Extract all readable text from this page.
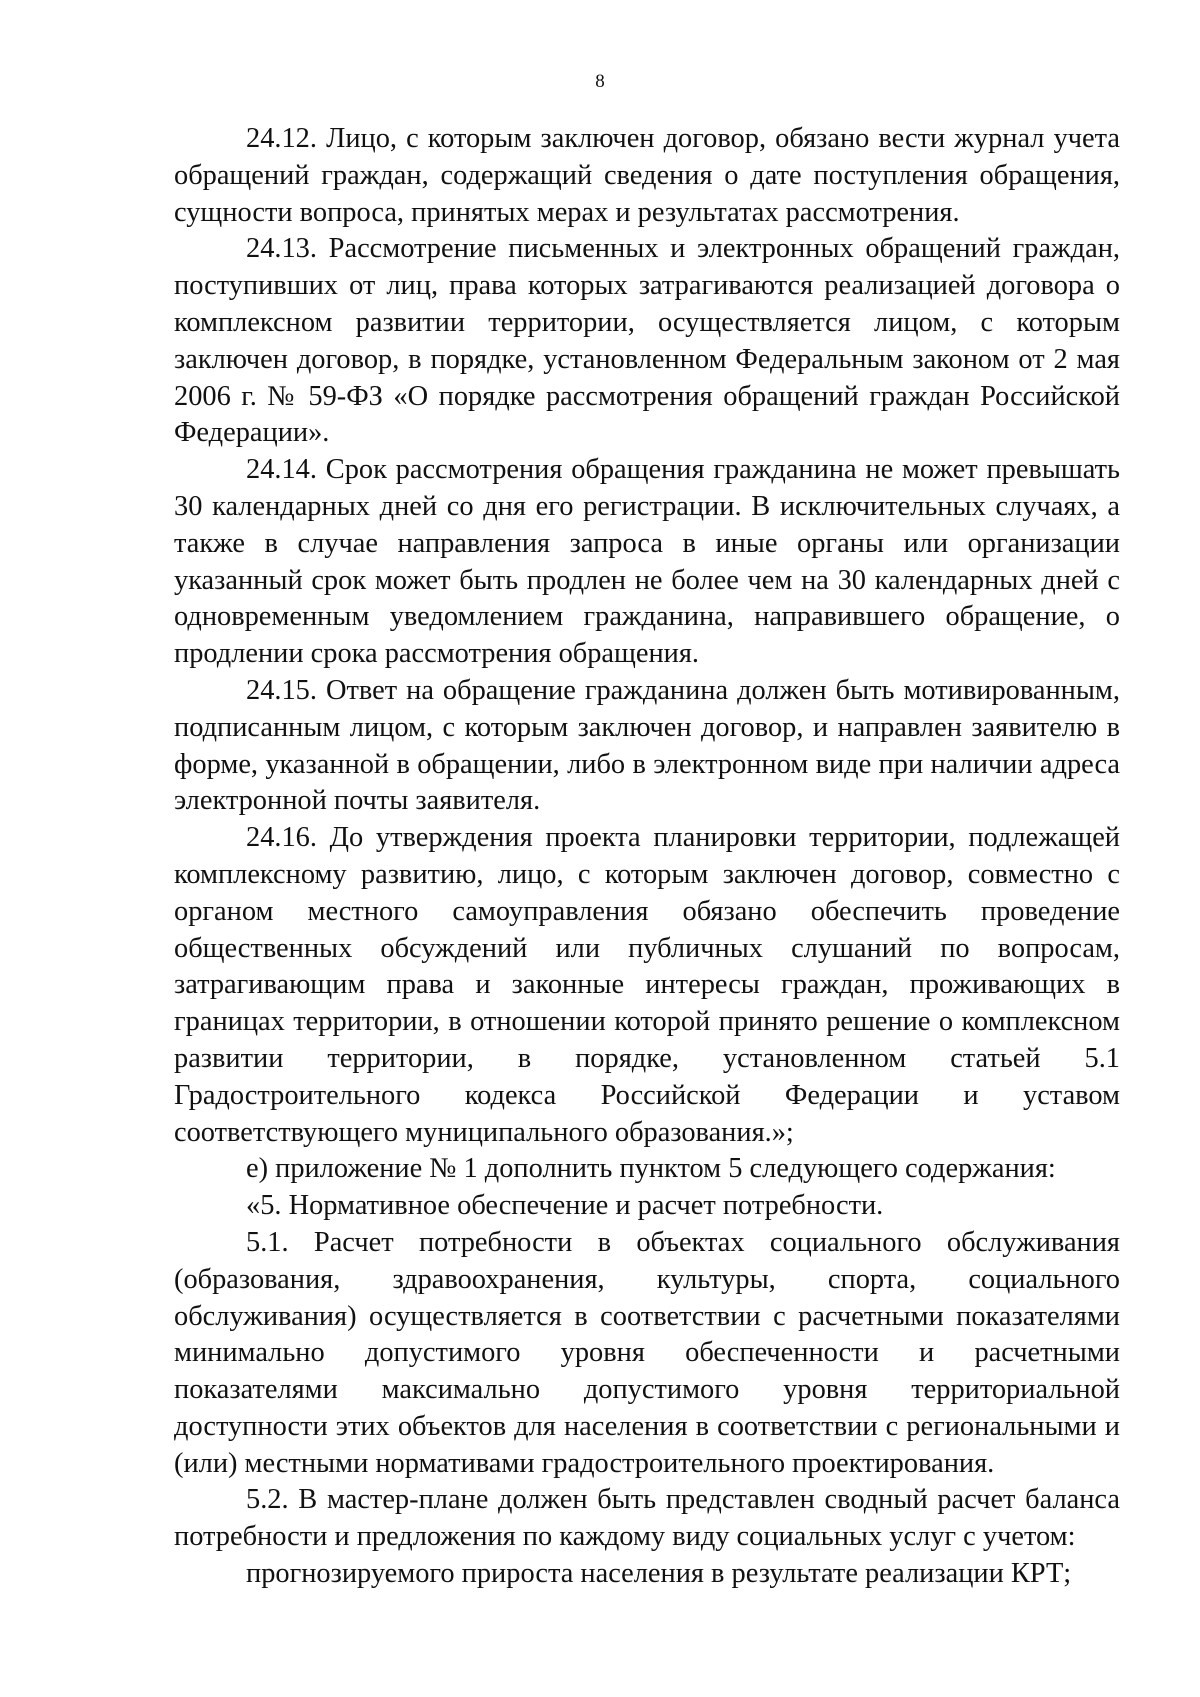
8

24.12. Лицо, с которым заключен договор, обязано вести журнал учета обращений граждан, содержащий сведения о дате поступления обращения, сущности вопроса, принятых мерах и результатах рассмотрения.

24.13. Рассмотрение письменных и электронных обращений граждан, поступивших от лиц, права которых затрагиваются реализацией договора о комплексном развитии территории, осуществляется лицом, с которым заключен договор, в порядке, установленном Федеральным законом от 2 мая 2006 г. № 59-ФЗ «О порядке рассмотрения обращений граждан Российской Федерации».

24.14. Срок рассмотрения обращения гражданина не может превышать 30 календарных дней со дня его регистрации. В исключительных случаях, а также в случае направления запроса в иные органы или организации указанный срок может быть продлен не более чем на 30 календарных дней с одновременным уведомлением гражданина, направившего обращение, о продлении срока рассмотрения обращения.

24.15. Ответ на обращение гражданина должен быть мотивированным, подписанным лицом, с которым заключен договор, и направлен заявителю в форме, указанной в обращении, либо в электронном виде при наличии адреса электронной почты заявителя.

24.16. До утверждения проекта планировки территории, подлежащей комплексному развитию, лицо, с которым заключен договор, совместно с органом местного самоуправления обязано обеспечить проведение общественных обсуждений или публичных слушаний по вопросам, затрагивающим права и законные интересы граждан, проживающих в границах территории, в отношении которой принято решение о комплексном развитии территории, в порядке, установленном статьей 5.1 Градостроительного кодекса Российской Федерации и уставом соответствующего муниципального образования.»;

е) приложение № 1 дополнить пунктом 5 следующего содержания:

«5. Нормативное обеспечение и расчет потребности.

5.1. Расчет потребности в объектах социального обслуживания (образования, здравоохранения, культуры, спорта, социального обслуживания) осуществляется в соответствии с расчетными показателями минимально допустимого уровня обеспеченности и расчетными показателями максимально допустимого уровня территориальной доступности этих объектов для населения в соответствии с региональными и (или) местными нормативами градостроительного проектирования.

5.2. В мастер-плане должен быть представлен сводный расчет баланса потребности и предложения по каждому виду социальных услуг с учетом:

прогнозируемого прироста населения в результате реализации КРТ;
